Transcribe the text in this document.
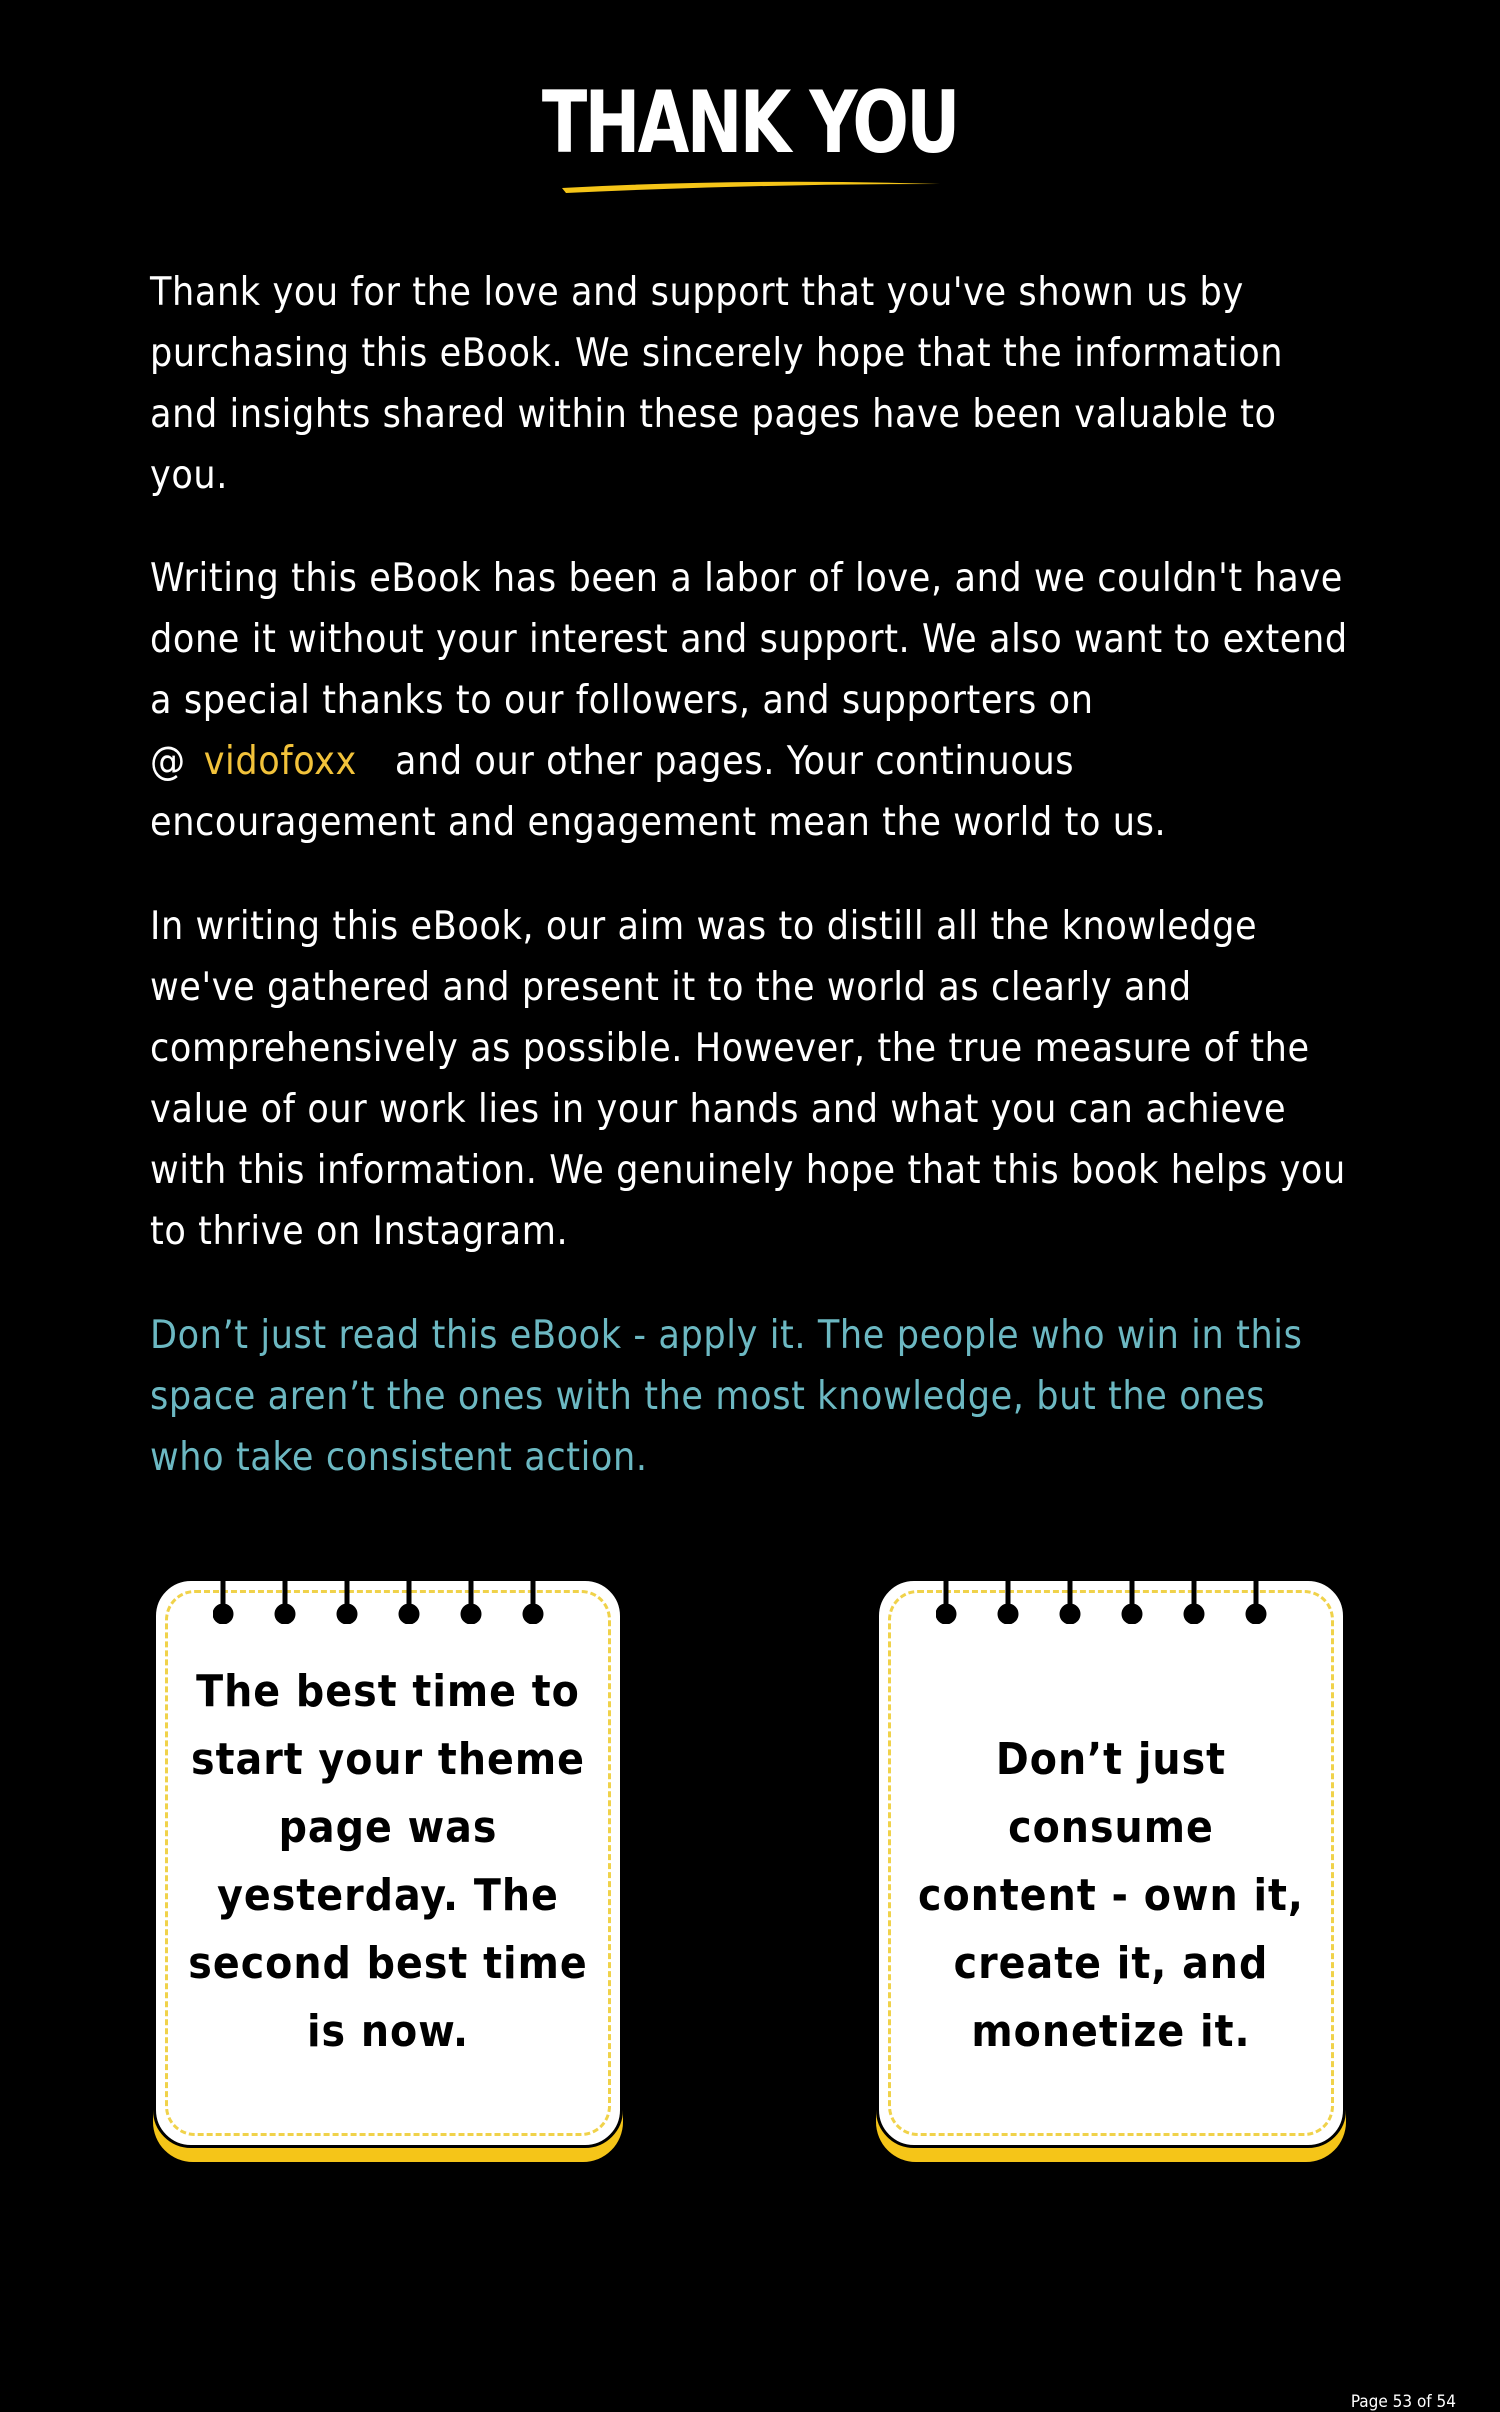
THANK YOU

Thank you for the love and support that you've shown us by purchasing this eBook. We sincerely hope that the information and insights shared within these pages have been valuable to you.

Writing this eBook has been a labor of love, and we couldn't have done it without your interest and support. We also want to extend a special thanks to our followers, and supporters on
@ vidofoxx and our other pages. Your continuous encouragement and engagement mean the world to us.

In writing this eBook, our aim was to distill all the knowledge we've gathered and present it to the world as clearly and comprehensively as possible. However, the true measure of the value of our work lies in your hands and what you can achieve with this information. We genuinely hope that this book helps you to thrive on Instagram.

Don’t just read this eBook - apply it. The people who win in this space aren’t the ones with the most knowledge, but the ones who take consistent action.

The best time to
start your theme
page was
yesterday. The
second best time
is now.
Don’t just consume
content - own it,
create it, and
monetize it.
Page 53 of 54
